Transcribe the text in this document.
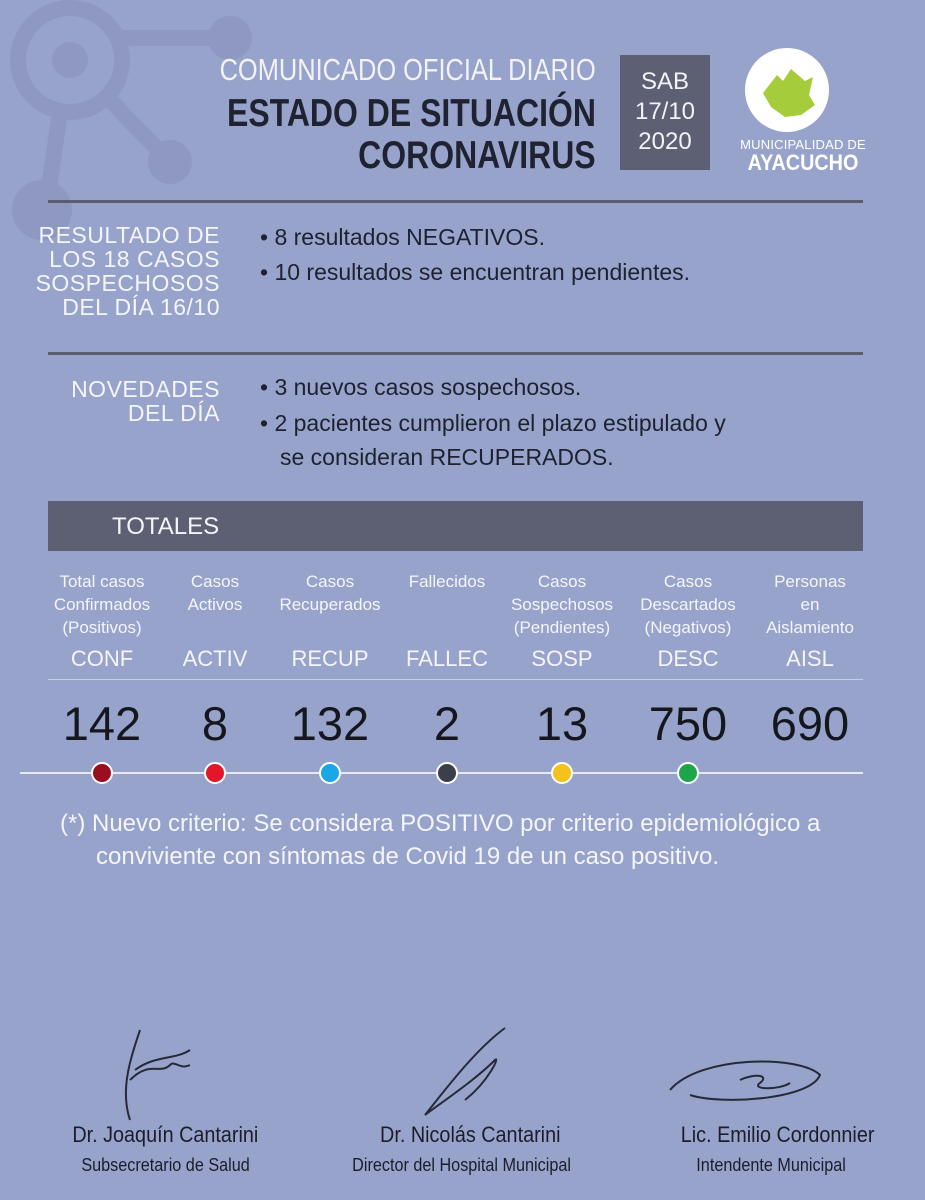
COMUNICADO OFICIAL DIARIO
ESTADO DE SITUACIÓN
CORONAVIRUS
SAB
17/10
2020	MUNICIPALIDAD DE
AYACUCHO
RESULTADO DE
LOS 18 CASOS
SOSPECHOSOS
DEL DÍA 16/10
• 8 resultados NEGATIVOS.
• 10 resultados se encuentran pendientes.
NOVEDADES
DEL DÍA
• 3 nuevos casos sospechosos.
• 2 pacientes cumplieron el plazo estipulado y
se consideran RECUPERADOS.
TOTALES
Total casos
Confirmados
(Positivos)
CONF
142
Casos
Activos
ACTIV
8
Casos
Recuperados
RECUP
132
Fallecidos
FALLEC
2
Casos
Sospechosos
(Pendientes)
SOSP
13
Casos
Descartados
(Negativos)
DESC
750
Personas
en
Aislamiento
AISL
690
(*) Nuevo criterio: Se considera POSITIVO por criterio epidemiológico a
conviviente con síntomas de Covid 19 de un caso positivo.
Dr. Joaquín Cantarini
Subsecretario de Salud
Dr. Nicolás Cantarini
Director del Hospital Municipal
Lic. Emilio Cordonnier
Intendente Municipal
